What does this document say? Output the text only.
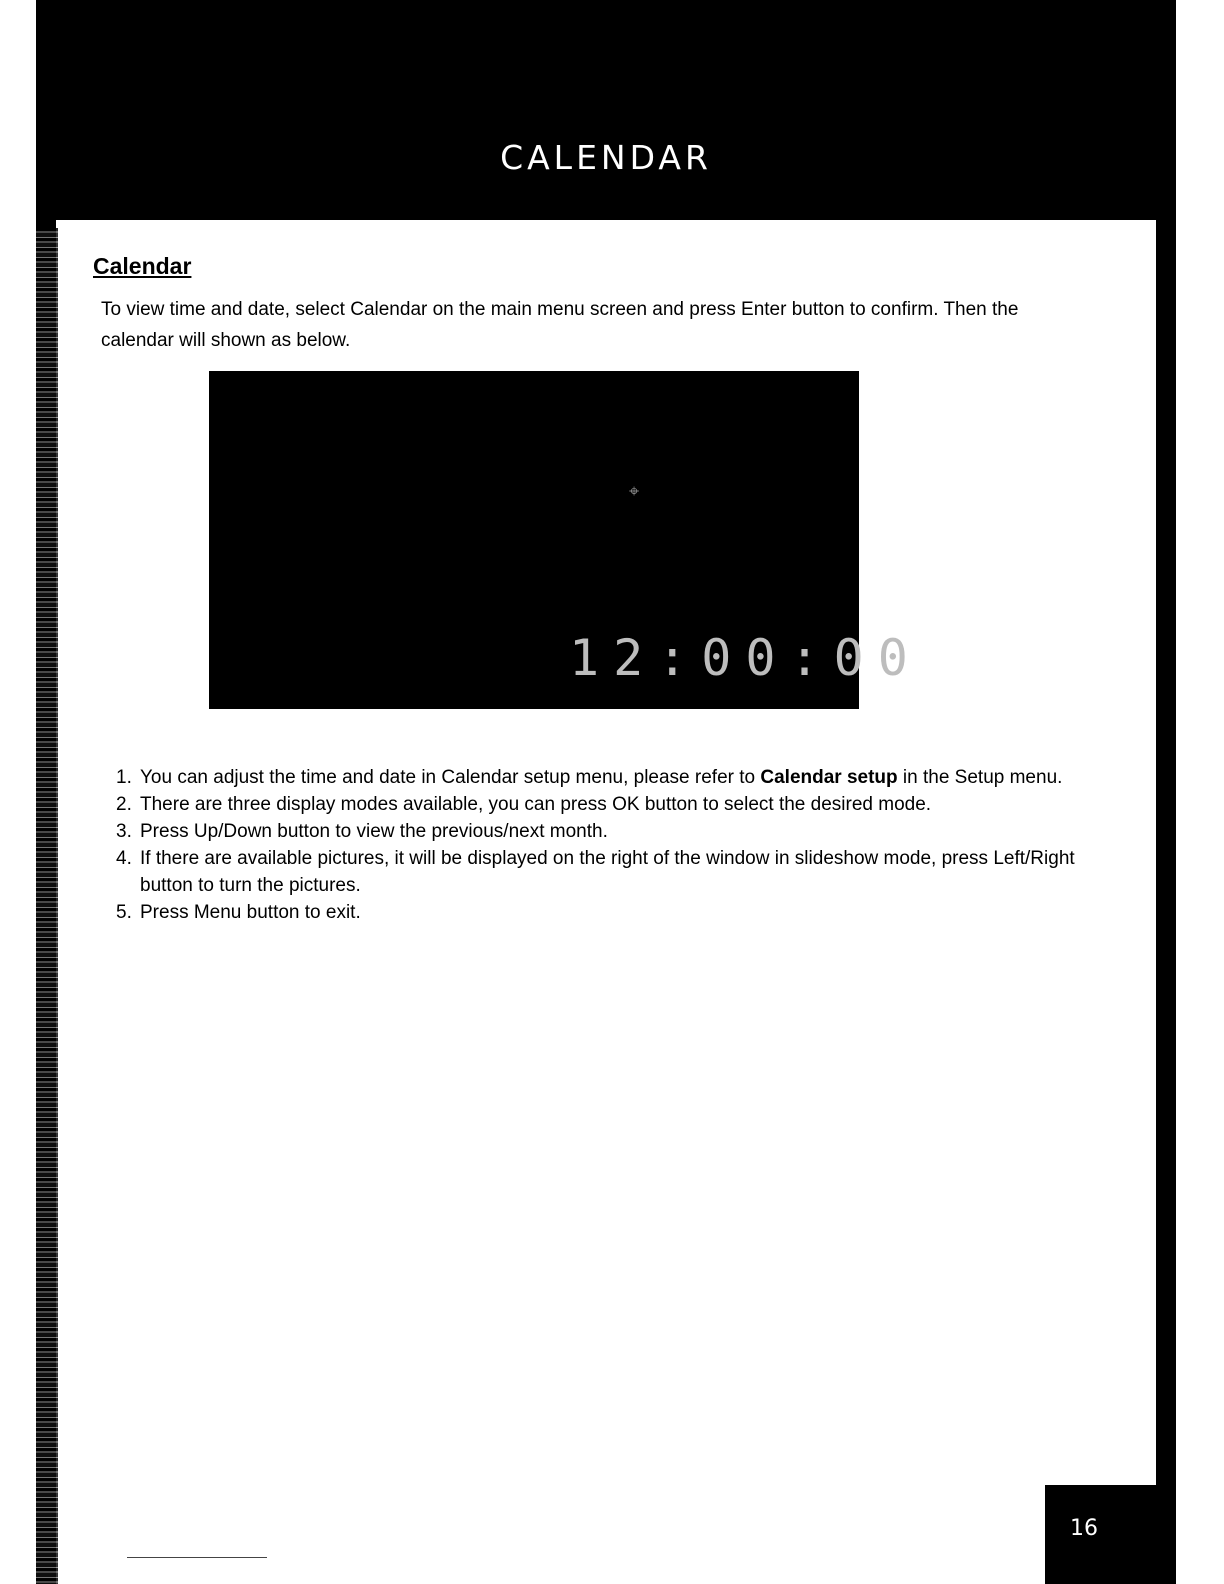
CALENDAR
Calendar
To view time and date, select Calendar on the main menu screen and press Enter button to confirm. Then the calendar will shown as below.
⌖
12:00:00
1. You can adjust the time and date in Calendar setup menu, please refer to Calendar setup in the Setup menu.
2. There are three display modes available, you can press OK button to select the desired mode.
3. Press Up/Down button to view the previous/next month.
4. If there are available pictures, it will be displayed on the right of the window in slideshow mode, press Left/Right button to turn the pictures.
5. Press Menu button to exit.
16
